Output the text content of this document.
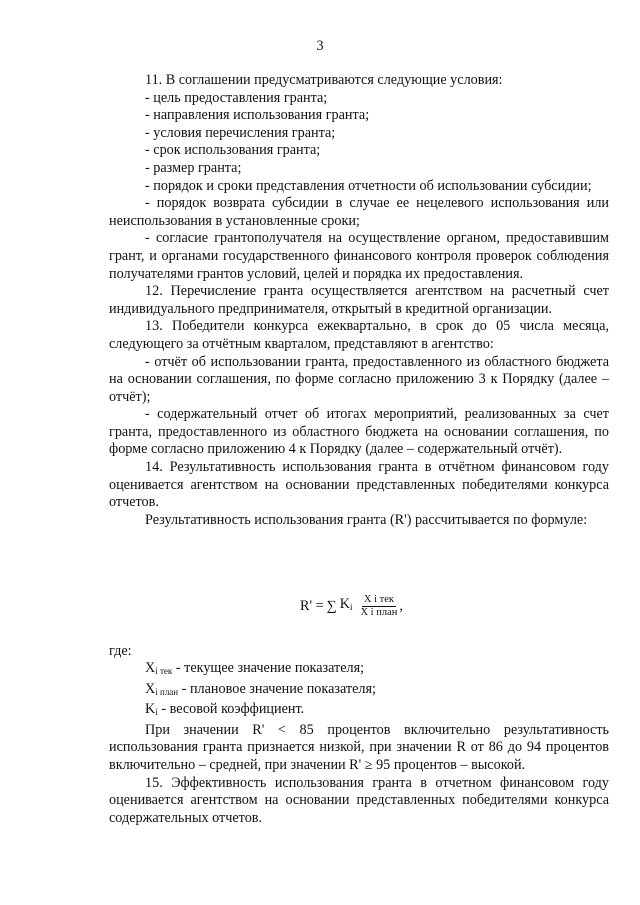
3

11. В соглашении предусматриваются следующие условия:

- цель предоставления гранта;

- направления использования гранта;

- условия перечисления гранта;

- срок использования гранта;

- размер гранта;

- порядок и сроки представления отчетности об использовании субсидии;

- порядок возврата субсидии в случае ее нецелевого использования или неиспользования в установленные сроки;

- согласие грантополучателя на осуществление органом, предоставившим грант, и органами государственного финансового контроля проверок соблюдения получателями грантов условий, целей и порядка их предоставления.

12. Перечисление гранта осуществляется агентством на расчетный счет индивидуального предпринимателя, открытый в кредитной организации.

13. Победители конкурса ежеквартально, в срок до 05 числа месяца, следующего за отчётным кварталом, представляют в агентство:

- отчёт об использовании гранта, предоставленного из областного бюджета на основании соглашения, по форме согласно приложению 3 к Порядку (далее – отчёт);

- содержательный отчет об итогах мероприятий, реализованных за счет гранта, предоставленного из областного бюджета на основании соглашения, по форме согласно приложению 4 к Порядку (далее – содержательный отчёт).

14. Результативность использования гранта в отчётном финансовом году оценивается агентством на основании представленных победителями конкурса отчетов.

Результативность использования гранта (R') рассчитывается по формуле:

R' = ∑ $K_i \frac{\text{X i тек}}{\text{X i план}}$ ,
где:

$X_{i тек}$ - текущее значение показателя;

$X_{i план}$ - плановое значение показателя;

$K_i$ - весовой коэффициент.

При значении R' < 85 процентов включительно результативность использования гранта признается низкой, при значении R от 86 до 94 процентов включительно – средней, при значении R' ≥ 95 процентов – высокой.

15. Эффективность использования гранта в отчетном финансовом году оценивается агентством на основании представленных победителями конкурса содержательных отчетов.
